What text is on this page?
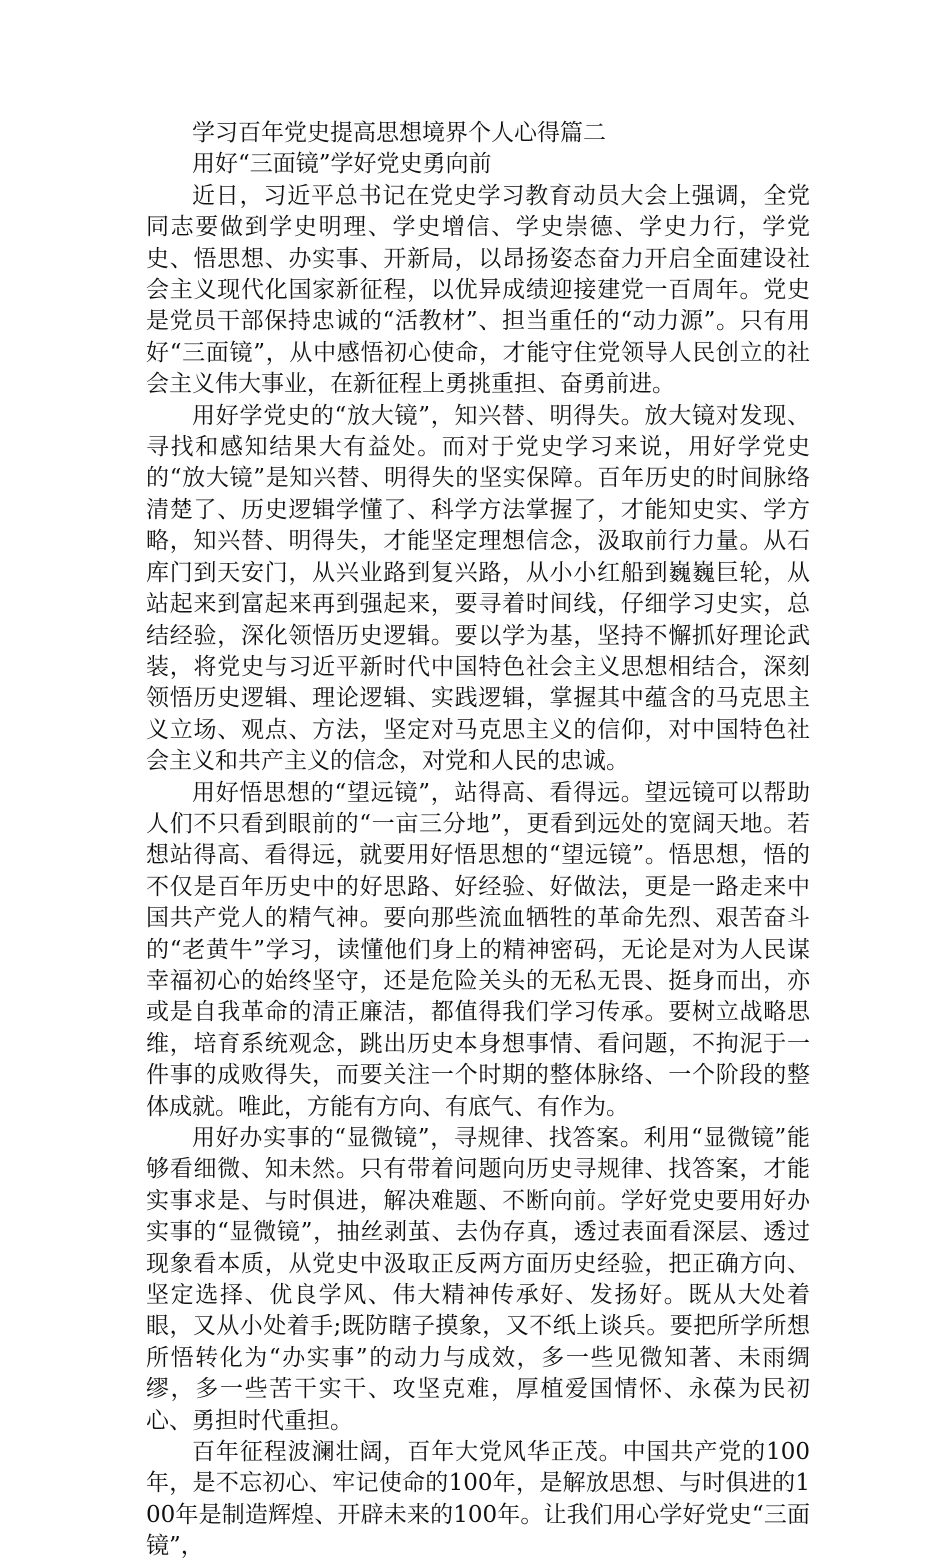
学习百年党史提高思想境界个人心得篇二

用好“三面镜”学好党史勇向前

近日，习近平总书记在党史学习教育动员大会上强调，全党同志要做到学史明理、学史增信、学史崇德、学史力行，学党史、悟思想、办实事、开新局，以昂扬姿态奋力开启全面建设社会主义现代化国家新征程，以优异成绩迎接建党一百周年。党史是党员干部保持忠诚的“活教材”、担当重任的“动力源”。只有用好“三面镜”，从中感悟初心使命，才能守住党领导人民创立的社会主义伟大事业，在新征程上勇挑重担、奋勇前进。

用好学党史的“放大镜”，知兴替、明得失。放大镜对发现、寻找和感知结果大有益处。而对于党史学习来说，用好学党史的“放大镜”是知兴替、明得失的坚实保障。百年历史的时间脉络清楚了、历史逻辑学懂了、科学方法掌握了，才能知史实、学方略，知兴替、明得失，才能坚定理想信念，汲取前行力量。从石库门到天安门，从兴业路到复兴路，从小小红船到巍巍巨轮，从站起来到富起来再到强起来，要寻着时间线，仔细学习史实，总结经验，深化领悟历史逻辑。要以学为基，坚持不懈抓好理论武装，将党史与习近平新时代中国特色社会主义思想相结合，深刻领悟历史逻辑、理论逻辑、实践逻辑，掌握其中蕴含的马克思主义立场、观点、方法，坚定对马克思主义的信仰，对中国特色社会主义和共产主义的信念，对党和人民的忠诚。

用好悟思想的“望远镜”，站得高、看得远。望远镜可以帮助人们不只看到眼前的“一亩三分地”，更看到远处的宽阔天地。若想站得高、看得远，就要用好悟思想的“望远镜”。悟思想，悟的不仅是百年历史中的好思路、好经验、好做法，更是一路走来中国共产党人的精气神。要向那些流血牺牲的革命先烈、艰苦奋斗的“老黄牛”学习，读懂他们身上的精神密码，无论是对为人民谋幸福初心的始终坚守，还是危险关头的无私无畏、挺身而出，亦或是自我革命的清正廉洁，都值得我们学习传承。要树立战略思维，培育系统观念，跳出历史本身想事情、看问题，不拘泥于一件事的成败得失，而要关注一个时期的整体脉络、一个阶段的整体成就。唯此，方能有方向、有底气、有作为。

用好办实事的“显微镜”，寻规律、找答案。利用“显微镜”能够看细微、知未然。只有带着问题向历史寻规律、找答案，才能实事求是、与时俱进，解决难题、不断向前。学好党史要用好办实事的“显微镜”，抽丝剥茧、去伪存真，透过表面看深层、透过现象看本质，从党史中汲取正反两方面历史经验，把正确方向、坚定选择、优良学风、伟大精神传承好、发扬好。既从大处着眼，又从小处着手;既防瞎子摸象，又不纸上谈兵。要把所学所想所悟转化为“办实事”的动力与成效，多一些见微知著、未雨绸缪，多一些苦干实干、攻坚克难，厚植爱国情怀、永葆为民初心、勇担时代重担。

百年征程波澜壮阔，百年大党风华正茂。中国共产党的100年，是不忘初心、牢记使命的100年，是解放思想、与时俱进的100年是制造辉煌、开辟未来的100年。让我们用心学好党史“三面镜”，
